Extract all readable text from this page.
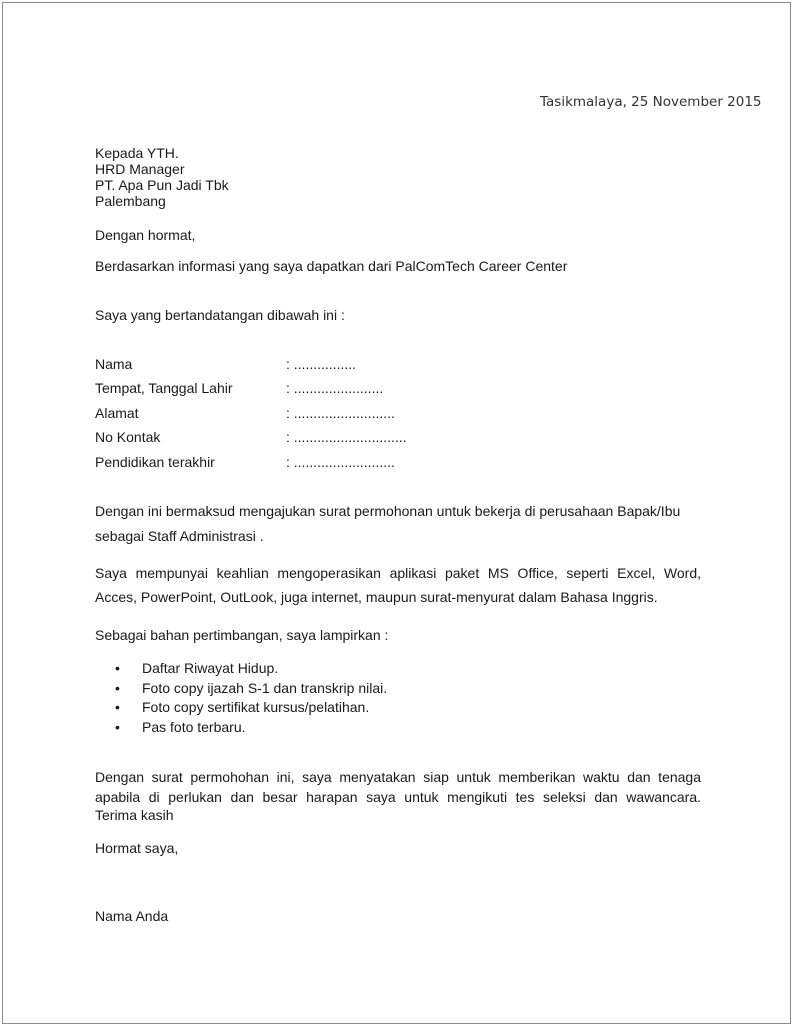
Tasikmalaya, 25 November 2015
Kepada YTH.
HRD Manager
PT. Apa Pun Jadi Tbk
Palembang
Dengan hormat,
Berdasarkan informasi yang saya dapatkan dari PalComTech Career Center
Saya yang bertandatangan dibawah ini :
Nama	: ................
Tempat, Tanggal Lahir	: .......................
Alamat	: ..........................
No Kontak	: .............................
Pendidikan terakhir	: ..........................
Dengan ini bermaksud mengajukan surat permohonan untuk bekerja di perusahaan Bapak/Ibu
sebagai Staff Administrasi .
Saya mempunyai keahlian mengoperasikan aplikasi paket MS Office, seperti Excel, Word,
Acces, PowerPoint, OutLook, juga internet, maupun surat-menyurat dalam Bahasa Inggris.
Sebagai bahan pertimbangan, saya lampirkan :
• Daftar Riwayat Hidup.
• Foto copy ijazah S-1 dan transkrip nilai.
• Foto copy sertifikat kursus/pelatihan.
• Pas foto terbaru.
Dengan surat permohohan ini, saya menyatakan siap untuk memberikan waktu dan tenaga
apabila di perlukan dan besar harapan saya untuk mengikuti tes seleksi dan wawancara.
Terima kasih
Hormat saya,
Nama Anda
